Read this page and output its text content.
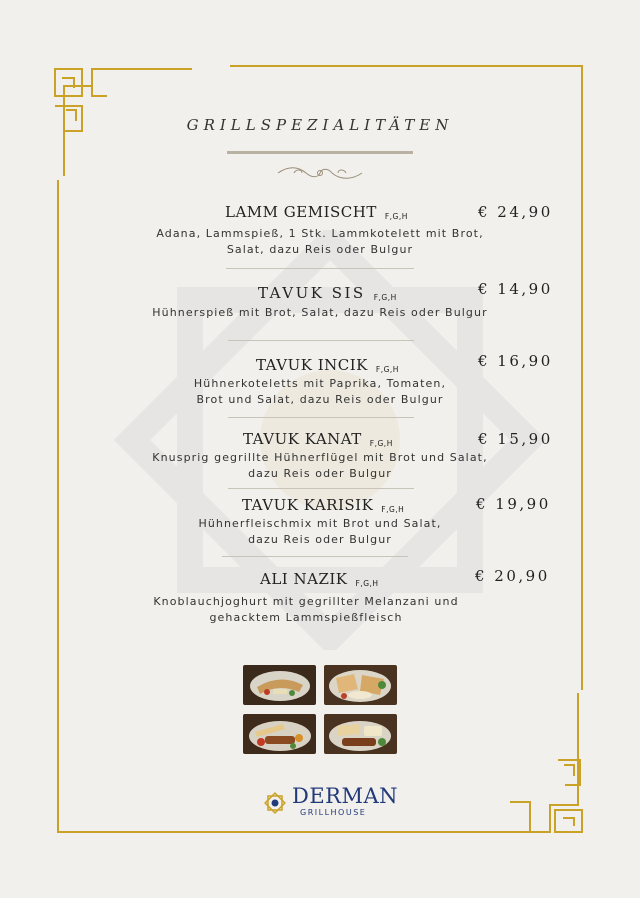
GRILLSPEZIALITÄTEN
LAMM GEMISCHT F,G,H	€ 24,90
Adana, Lammspieß, 1 Stk. Lammkotelett mit Brot,
Salat, dazu Reis oder Bulgur
TAVUK SIS F,G,H	€ 14,90
Hühnerspieß mit Brot, Salat, dazu Reis oder Bulgur
TAVUK INCIK F,G,H	€ 16,90
Hühnerkoteletts mit Paprika, Tomaten,
Brot und Salat, dazu Reis oder Bulgur
TAVUK KANAT F,G,H	€ 15,90
Knusprig gegrillte Hühnerflügel mit Brot und Salat,
dazu Reis oder Bulgur
TAVUK KARISIK F,G,H	€ 19,90
Hühnerfleischmix mit Brot und Salat,
dazu Reis oder Bulgur
ALI NAZIK F,G,H	€ 20,90
Knoblauchjoghurt mit gegrillter Melanzani und
gehacktem Lammspießfleisch
DERMAN
GRILLHOUSE
